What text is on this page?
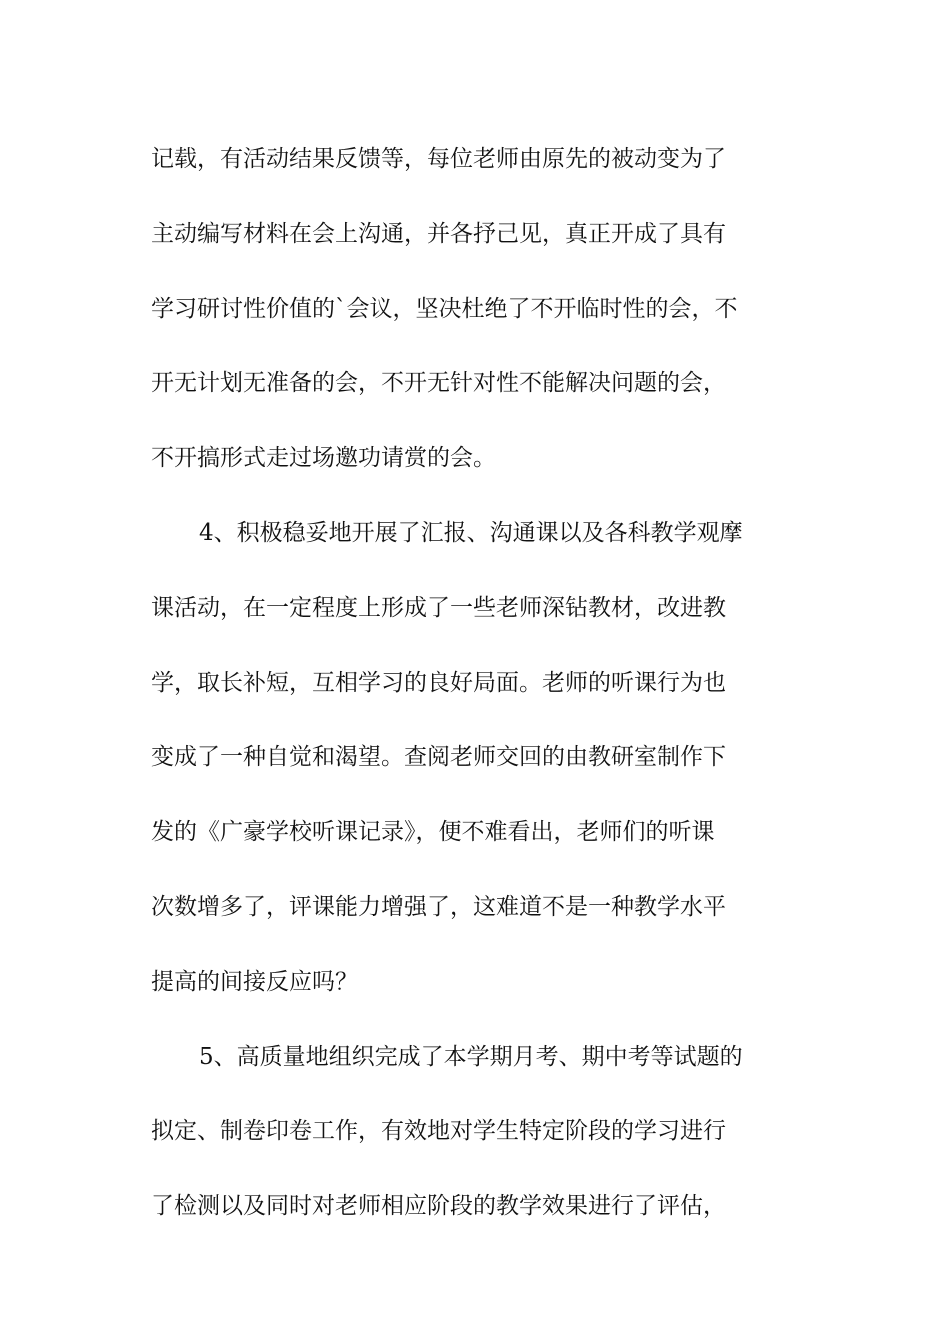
记载，有活动结果反馈等，每位老师由原先的被动变为了
主动编写材料在会上沟通，并各抒己见，真正开成了具有
学习研讨性价值的`会议，坚决杜绝了不开临时性的会，不
开无计划无准备的会，不开无针对性不能解决问题的会，
不开搞形式走过场邀功请赏的会。
4、积极稳妥地开展了汇报、沟通课以及各科教学观摩
课活动，在一定程度上形成了一些老师深钻教材，改进教
学，取长补短，互相学习的良好局面。老师的听课行为也
变成了一种自觉和渴望。查阅老师交回的由教研室制作下
发的《广豪学校听课记录》，便不难看出，老师们的听课
次数增多了，评课能力增强了，这难道不是一种教学水平
提高的间接反应吗？
5、高质量地组织完成了本学期月考、期中考等试题的
拟定、制卷印卷工作，有效地对学生特定阶段的学习进行
了检测以及同时对老师相应阶段的教学效果进行了评估，
